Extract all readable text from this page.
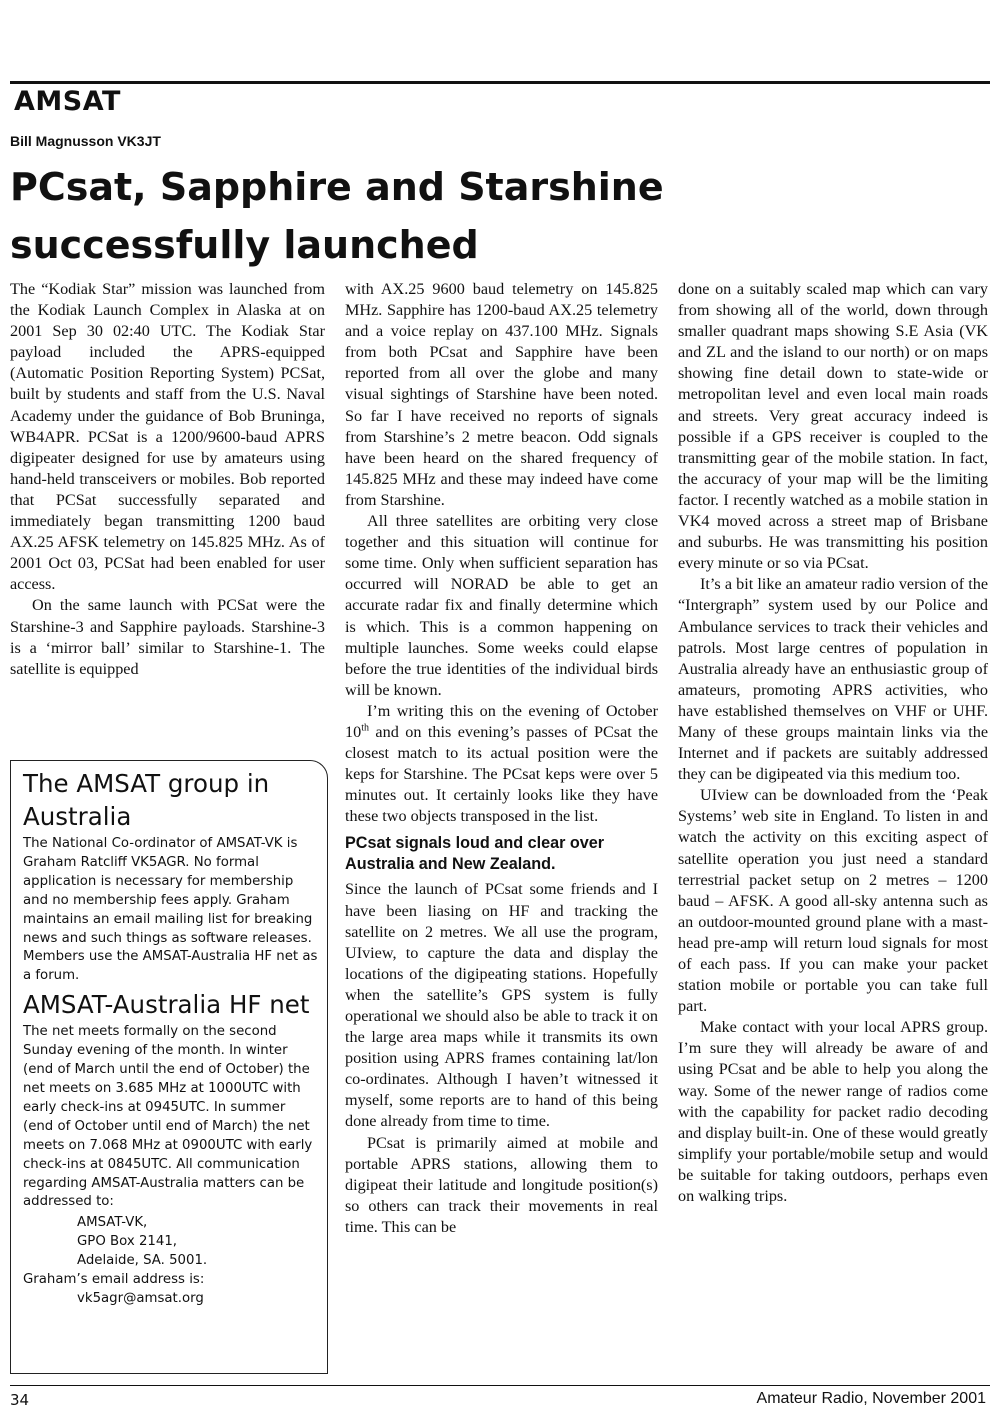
AMSAT
Bill Magnusson VK3JT
PCsat, Sapphire and Starshine
successfully launched

The “Kodiak Star” mission was launched from the Kodiak Launch Complex in Alaska at on 2001 Sep 30 02:40 UTC. The Kodiak Star payload included the APRS-equipped (Automatic Position Reporting System) PCSat, built by students and staff from the U.S. Naval Academy under the guidance of Bob Bruninga, WB4APR. PCSat is a 1200/9600-baud APRS digipeater designed for use by amateurs using hand-held transceivers or mobiles. Bob reported that PCSat successfully separated and immediately began transmitting 1200 baud AX.25 AFSK telemetry on 145.825 MHz. As of 2001 Oct 03, PCSat had been enabled for user access.

On the same launch with PCSat were the Starshine-3 and Sapphire payloads. Starshine-3 is a ‘mirror ball’ similar to Starshine-1. The satellite is equipped

The AMSAT group in Australia
The National Co-ordinator of AMSAT-VK is Graham Ratcliff VK5AGR. No formal application is necessary for membership and no membership fees apply. Graham maintains an email mailing list for breaking news and such things as software releases. Members use the AMSAT-Australia HF net as a forum.
AMSAT-Australia HF net
The net meets formally on the second Sunday evening of the month. In winter (end of March until the end of October) the net meets on 3.685 MHz at 1000UTC with early check-ins at 0945UTC. In summer (end of October until end of March) the net meets on 7.068 MHz at 0900UTC with early check-ins at 0845UTC. All communication regarding AMSAT-Australia matters can be addressed to:
AMSAT-VK,
GPO Box 2141,
Adelaide, SA. 5001.
Graham’s email address is:
vk5agr@amsat.org

with AX.25 9600 baud telemetry on 145.825 MHz. Sapphire has 1200-baud AX.25 telemetry and a voice replay on 437.100 MHz. Signals from both PCsat and Sapphire have been reported from all over the globe and many visual sightings of Starshine have been noted. So far I have received no reports of signals from Starshine’s 2 metre beacon. Odd signals have been heard on the shared frequency of 145.825 MHz and these may indeed have come from Starshine.

All three satellites are orbiting very close together and this situation will continue for some time. Only when sufficient separation has occurred will NORAD be able to get an accurate radar fix and finally determine which is which. This is a common happening on multiple launches. Some weeks could elapse before the true identities of the individual birds will be known.

I’m writing this on the evening of October 10th and on this evening’s passes of PCsat the closest match to its actual position were the keps for Starshine. The PCsat keps were over 5 minutes out. It certainly looks like they have these two objects transposed in the list.

PCsat signals loud and clear over Australia and New Zealand.

Since the launch of PCsat some friends and I have been liasing on HF and tracking the satellite on 2 metres. We all use the program, UIview, to capture the data and display the locations of the digipeating stations. Hopefully when the satellite’s GPS system is fully operational we should also be able to track it on the large area maps while it transmits its own position using APRS frames containing lat/lon co-ordinates. Although I haven’t witnessed it myself, some reports are to hand of this being done already from time to time.

PCsat is primarily aimed at mobile and portable APRS stations, allowing them to digipeat their latitude and longitude position(s) so others can track their movements in real time. This can be

done on a suitably scaled map which can vary from showing all of the world, down through smaller quadrant maps showing S.E Asia (VK and ZL and the island to our north) or on maps showing fine detail down to state-wide or metropolitan level and even local main roads and streets. Very great accuracy indeed is possible if a GPS receiver is coupled to the transmitting gear of the mobile station. In fact, the accuracy of your map will be the limiting factor. I recently watched as a mobile station in VK4 moved across a street map of Brisbane and suburbs. He was transmitting his position every minute or so via PCsat.

It’s a bit like an amateur radio version of the “Intergraph” system used by our Police and Ambulance services to track their vehicles and patrols. Most large centres of population in Australia already have an enthusiastic group of amateurs, promoting APRS activities, who have established themselves on VHF or UHF. Many of these groups maintain links via the Internet and if packets are suitably addressed they can be digipeated via this medium too.

UIview can be downloaded from the ‘Peak Systems’ web site in England. To listen in and watch the activity on this exciting aspect of satellite operation you just need a standard terrestrial packet setup on 2 metres – 1200 baud – AFSK. A good all-sky antenna such as an outdoor-mounted ground plane with a mast-head pre-amp will return loud signals for most of each pass. If you can make your packet station mobile or portable you can take full part.

Make contact with your local APRS group. I’m sure they will already be aware of and using PCsat and be able to help you along the way. Some of the newer range of radios come with the capability for packet radio decoding and display built-in. One of these would greatly simplify your portable/mobile setup and would be suitable for taking outdoors, perhaps even on walking trips.

34	Amateur Radio, November 2001
